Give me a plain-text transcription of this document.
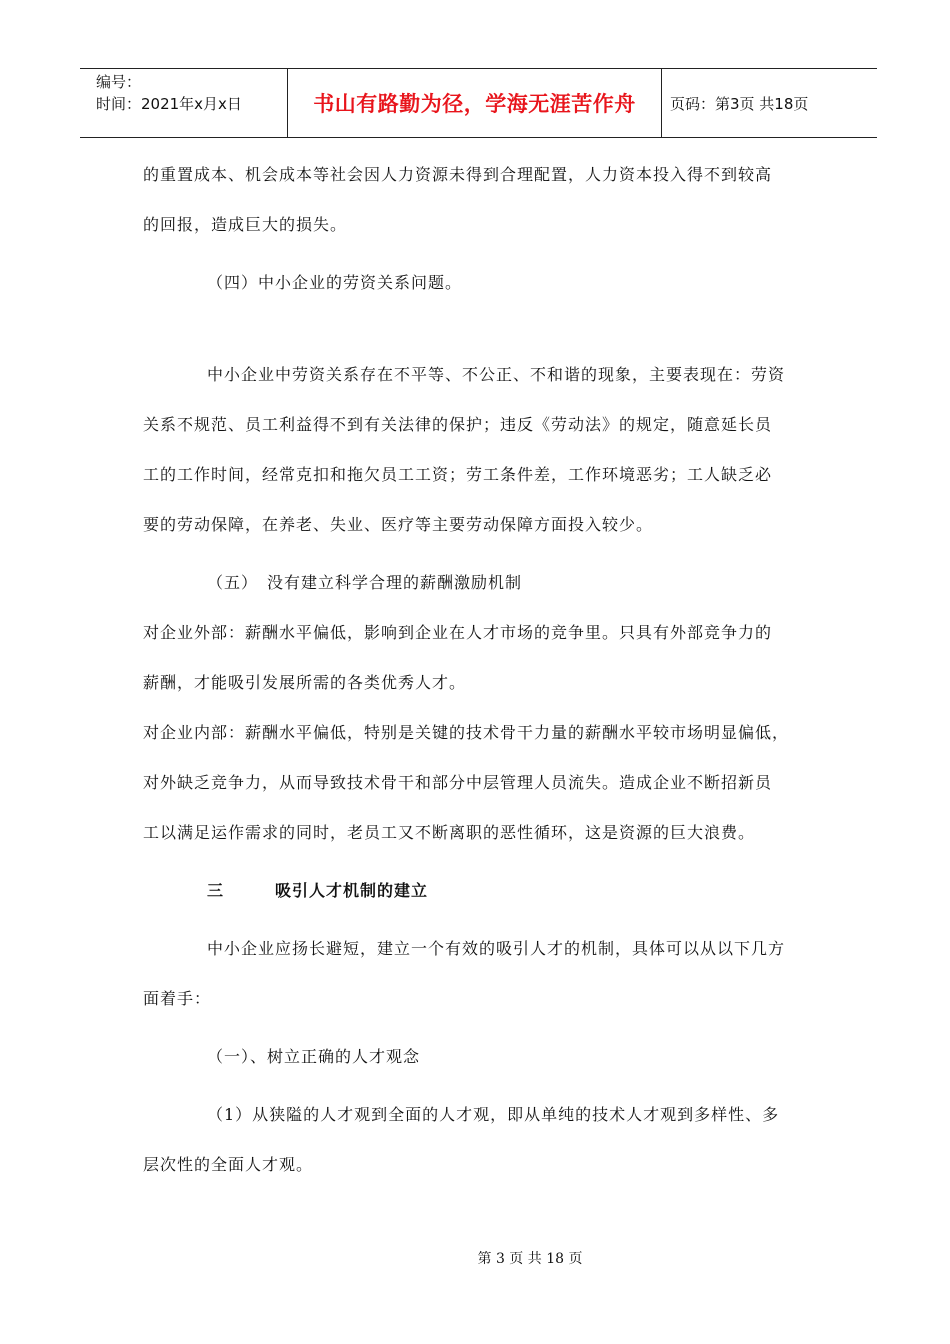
编号：
时间：2021年x月x日	书山有路勤为径，学海无涯苦作舟	页码：第3页 共18页

的重置成本、机会成本等社会因人力资源未得到合理配置，人力资本投入得不到较高

的回报，造成巨大的损失。

（四）中小企业的劳资关系问题。

中小企业中劳资关系存在不平等、不公正、不和谐的现象，主要表现在：劳资

关系不规范、员工利益得不到有关法律的保护；违反《劳动法》的规定，随意延长员

工的工作时间，经常克扣和拖欠员工工资；劳工条件差，工作环境恶劣；工人缺乏必

要的劳动保障，在养老、失业、医疗等主要劳动保障方面投入较少。

（五）　没有建立科学合理的薪酬激励机制

对企业外部：薪酬水平偏低，影响到企业在人才市场的竞争里。只具有外部竞争力的

薪酬，才能吸引发展所需的各类优秀人才。

对企业内部：薪酬水平偏低，特别是关键的技术骨干力量的薪酬水平较市场明显偏低，

对外缺乏竞争力，从而导致技术骨干和部分中层管理人员流失。造成企业不断招新员

工以满足运作需求的同时，老员工又不断离职的恶性循环，这是资源的巨大浪费。

三　　　吸引人才机制的建立

中小企业应扬长避短，建立一个有效的吸引人才的机制，具体可以从以下几方

面着手：

（一）、树立正确的人才观念

（1）从狭隘的人才观到全面的人才观，即从单纯的技术人才观到多样性、多

层次性的全面人才观。

第 3 页 共 18 页
